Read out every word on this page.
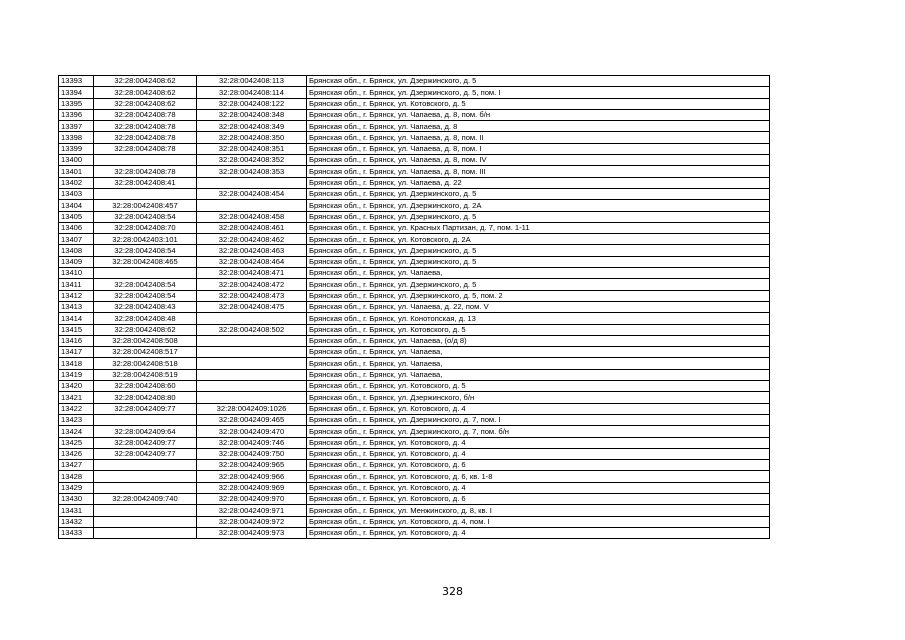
13393	32:28:0042408:62	32:28:0042408:113	Брянская обл., г. Брянск, ул. Дзержинского, д. 5
13394	32:28:0042408:62	32:28:0042408:114	Брянская обл., г. Брянск, ул. Дзержинского, д. 5, пом. I
13395	32:28:0042408:62	32:28:0042408:122	Брянская обл., г. Брянск, ул. Котовского, д. 5
13396	32:28:0042408:78	32:28:0042408:348	Брянская обл., г. Брянск, ул. Чапаева, д. 8, пом. б/н
13397	32:28:0042408:78	32:28:0042408:349	Брянская обл., г. Брянск, ул. Чапаева, д. 8
13398	32:28:0042408:78	32:28:0042408:350	Брянская обл., г. Брянск, ул. Чапаева, д. 8, пом. II
13399	32:28:0042408:78	32:28:0042408:351	Брянская обл., г. Брянск, ул. Чапаева, д. 8, пом. I
13400		32:28:0042408:352	Брянская обл., г. Брянск, ул. Чапаева, д. 8, пом. IV
13401	32:28:0042408:78	32:28:0042408:353	Брянская обл., г. Брянск, ул. Чапаева, д. 8, пом. III
13402	32:28:0042408:41		Брянская обл., г. Брянск, ул. Чапаева, д. 22
13403		32:28:0042408:454	Брянская обл., г. Брянск, ул. Дзержинского, д. 5
13404	32:28:0042408:457		Брянская обл., г. Брянск, ул. Дзержинского, д. 2А
13405	32:28:0042408:54	32:28:0042408:458	Брянская обл., г. Брянск, ул. Дзержинского, д. 5
13406	32:28:0042408:70	32:28:0042408:461	Брянская обл., г. Брянск, ул. Красных Партизан, д. 7, пом. 1-11
13407	32:28:0042403:101	32:28:0042408:462	Брянская обл., г. Брянск, ул. Котовского, д. 2А
13408	32:28:0042408:54	32:28:0042408:463	Брянская обл., г. Брянск, ул. Дзержинского, д. 5
13409	32:28:0042408:465	32:28:0042408:464	Брянская обл., г. Брянск, ул. Дзержинского, д. 5
13410		32:28:0042408:471	Брянская обл., г. Брянск, ул. Чапаева,
13411	32:28:0042408:54	32:28:0042408:472	Брянская обл., г. Брянск, ул. Дзержинского, д. 5
13412	32:28:0042408:54	32:28:0042408:473	Брянская обл., г. Брянск, ул. Дзержинского, д. 5, пом. 2
13413	32:28:0042408:43	32:28:0042408:475	Брянская обл., г. Брянск, ул. Чапаева, д. 22, пом. V
13414	32:28:0042408:48		Брянская обл., г. Брянск, ул. Конотопская, д. 13
13415	32:28:0042408:62	32:28:0042408:502	Брянская обл., г. Брянск, ул. Котовского, д. 5
13416	32:28:0042408:508		Брянская обл., г. Брянск, ул. Чапаева, (о/д 8)
13417	32:28:0042408:517		Брянская обл., г. Брянск, ул. Чапаева,
13418	32:28:0042408:518		Брянская обл., г. Брянск, ул. Чапаева,
13419	32:28:0042408:519		Брянская обл., г. Брянск, ул. Чапаева,
13420	32:28:0042408:60		Брянская обл., г. Брянск, ул. Котовского, д. 5
13421	32:28:0042408:80		Брянская обл., г. Брянск, ул. Дзержинского, б/н
13422	32:28:0042409:77	32:28:0042409:1026	Брянская обл., г. Брянск, ул. Котовского, д. 4
13423		32:28:0042409:465	Брянская обл., г. Брянск, ул. Дзержинского, д. 7, пом. I
13424	32:28:0042409:64	32:28:0042409:470	Брянская обл., г. Брянск, ул. Дзержинского, д. 7, пом. б/н
13425	32:28:0042409:77	32:28:0042409:746	Брянская обл., г. Брянск, ул. Котовского, д. 4
13426	32:28:0042409:77	32:28:0042409:750	Брянская обл., г. Брянск, ул. Котовского, д. 4
13427		32:28:0042409:965	Брянская обл., г. Брянск, ул. Котовского, д. 6
13428		32:28:0042409:966	Брянская обл., г. Брянск, ул. Котовского, д. 6, кв. 1-8
13429		32:28:0042409:969	Брянская обл., г. Брянск, ул. Котовского, д. 4
13430	32:28:0042409:740	32:28:0042409:970	Брянская обл., г. Брянск, ул. Котовского, д. 6
13431		32:28:0042409:971	Брянская обл., г. Брянск, ул. Менжинского, д. 8, кв. I
13432		32:28:0042409:972	Брянская обл., г. Брянск, ул. Котовского, д. 4, пом. I
13433		32:28:0042409:973	Брянская обл., г. Брянск, ул. Котовского, д. 4
328
